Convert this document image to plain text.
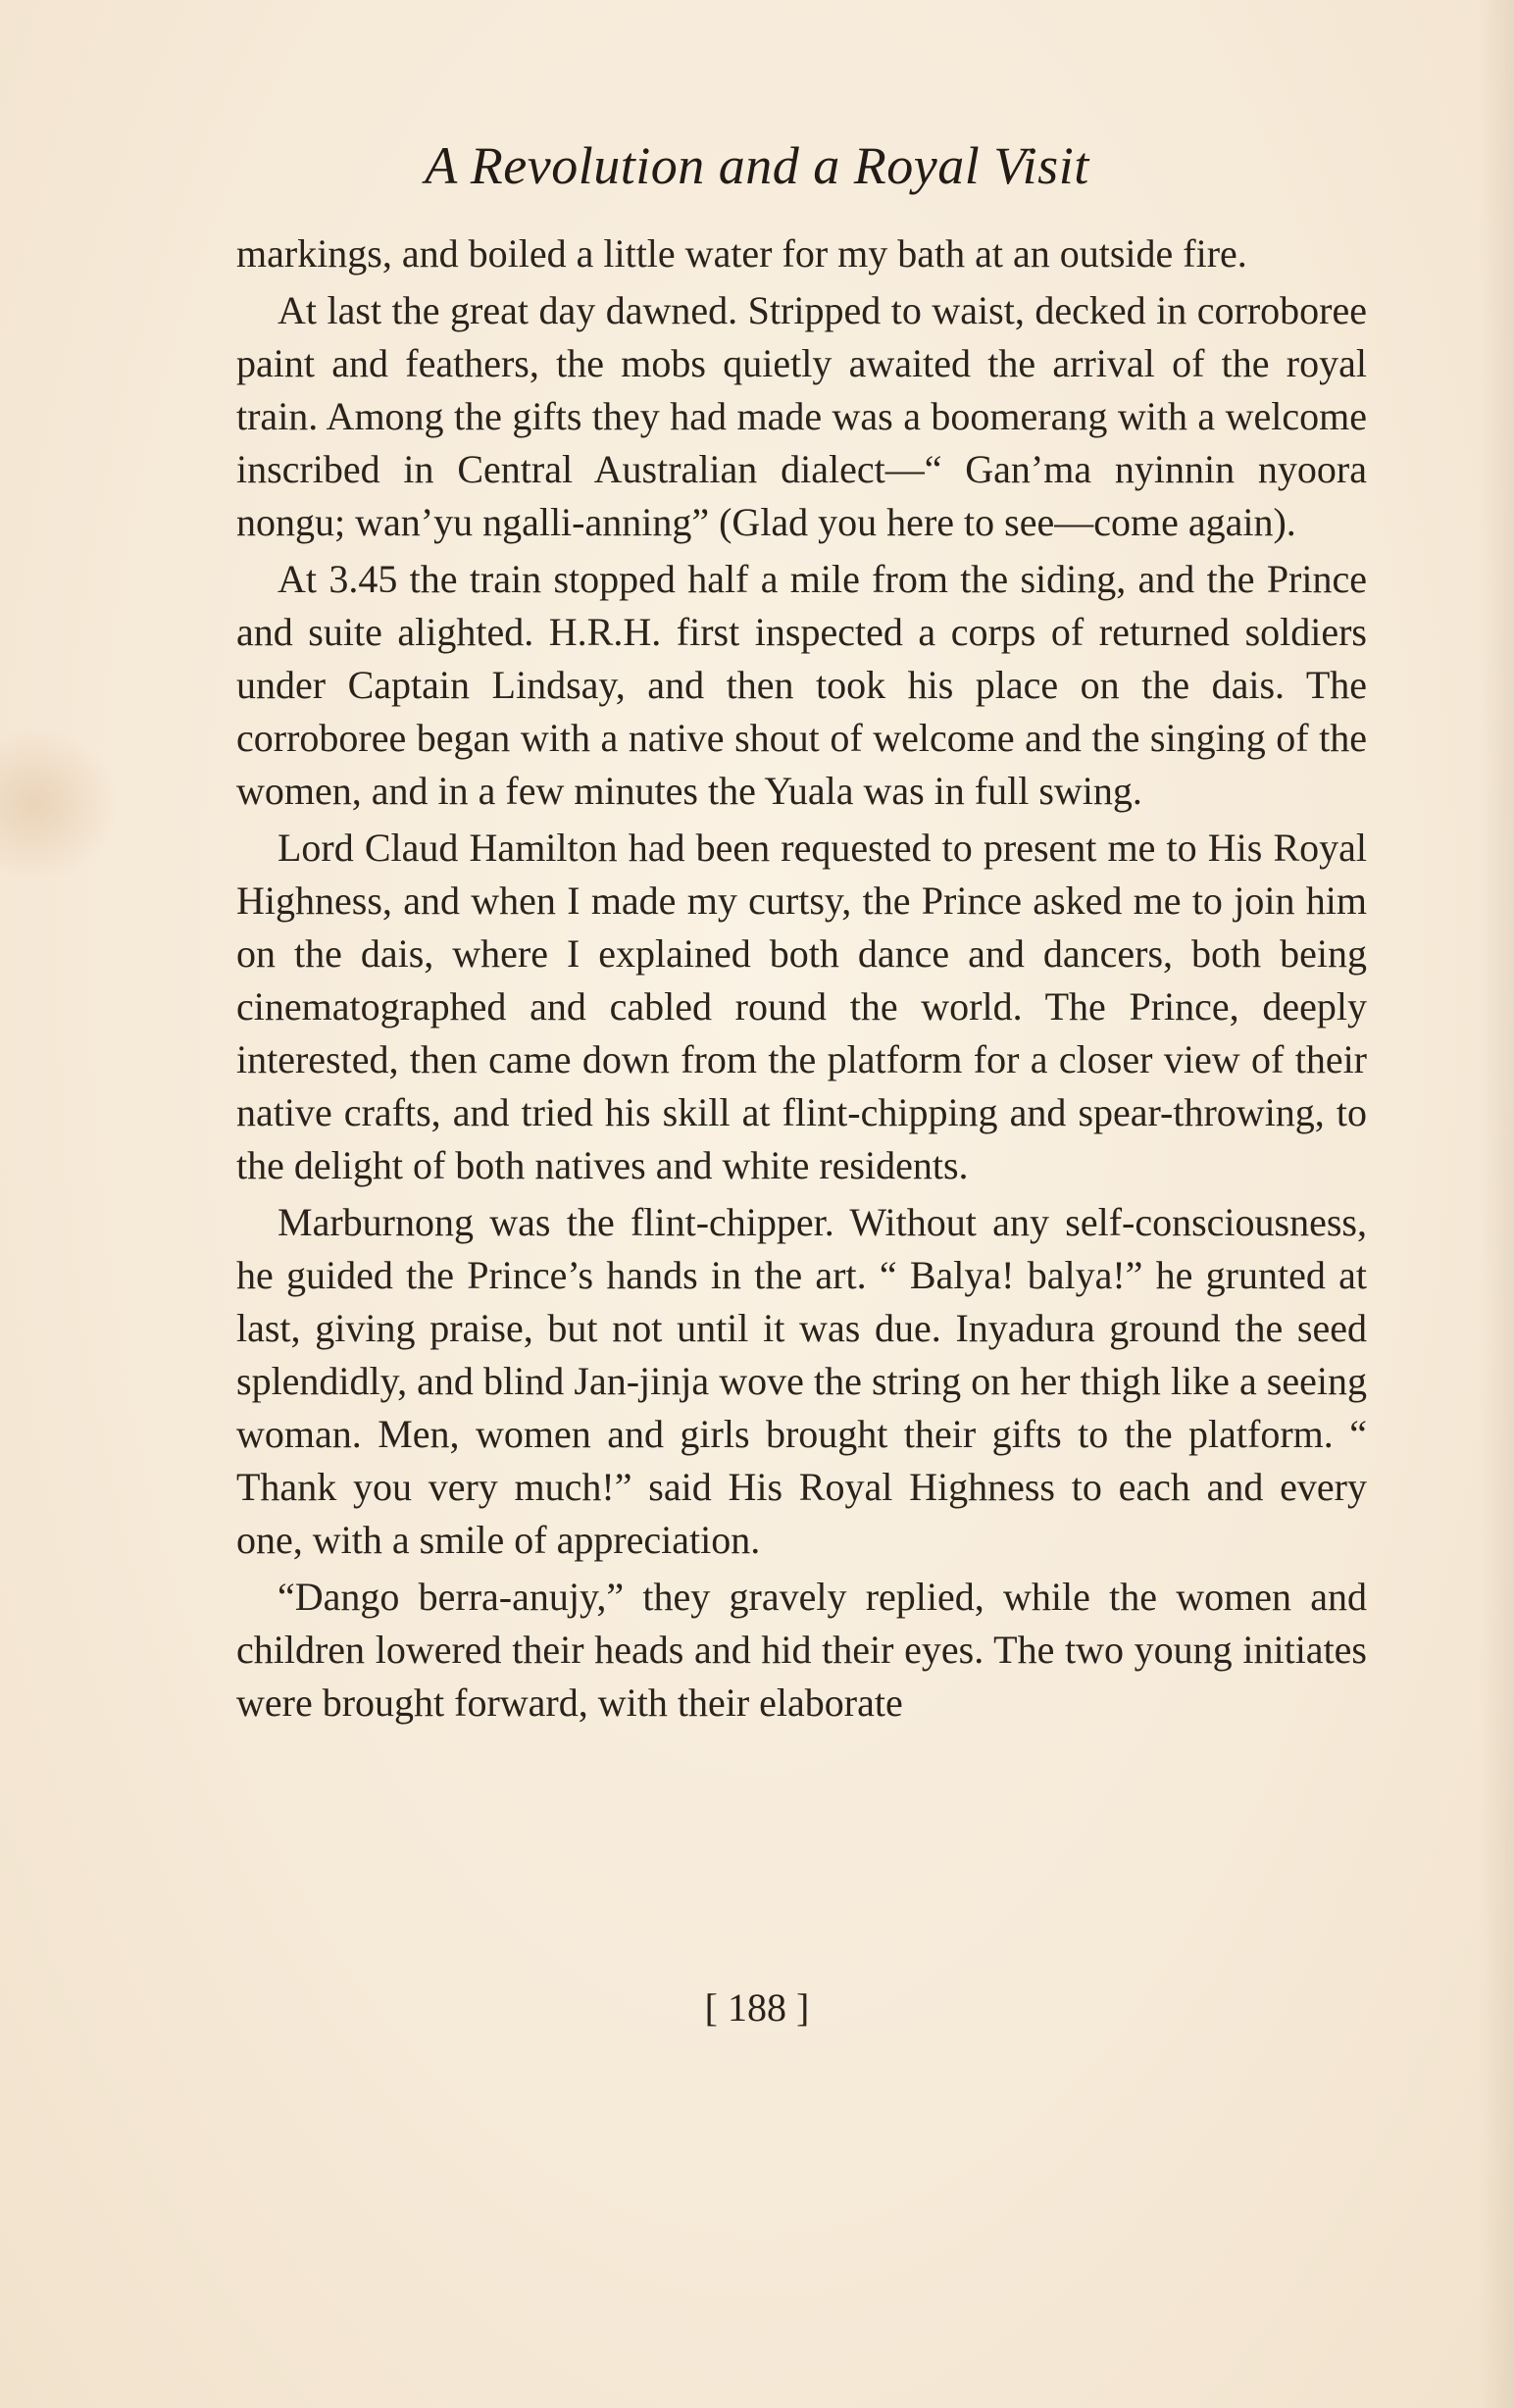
A Revolution and a Royal Visit

markings, and boiled a little water for my bath at an outside fire.

At last the great day dawned. Stripped to waist, decked in corroboree paint and feathers, the mobs quietly awaited the arrival of the royal train. Among the gifts they had made was a boomerang with a welcome inscribed in Central Australian dialect—“ Gan’ma nyinnin nyoora nongu; wan’yu ngalli-anning” (Glad you here to see—come again).

At 3.45 the train stopped half a mile from the siding, and the Prince and suite alighted. H.R.H. first inspected a corps of returned soldiers under Captain Lindsay, and then took his place on the dais. The corroboree began with a native shout of welcome and the singing of the women, and in a few minutes the Yuala was in full swing.

Lord Claud Hamilton had been requested to present me to His Royal Highness, and when I made my curtsy, the Prince asked me to join him on the dais, where I explained both dance and dancers, both being cinematographed and cabled round the world. The Prince, deeply interested, then came down from the platform for a closer view of their native crafts, and tried his skill at flint-chipping and spear-throwing, to the delight of both natives and white residents.

Marburnong was the flint-chipper. Without any self-consciousness, he guided the Prince’s hands in the art. “ Balya! balya!” he grunted at last, giving praise, but not until it was due. Inyadura ground the seed splendidly, and blind Jan-jinja wove the string on her thigh like a seeing woman. Men, women and girls brought their gifts to the platform. “ Thank you very much!” said His Royal Highness to each and every one, with a smile of appreciation.

“Dango berra-anujy,” they gravely replied, while the women and children lowered their heads and hid their eyes. The two young initiates were brought forward, with their elaborate

[ 188 ]
